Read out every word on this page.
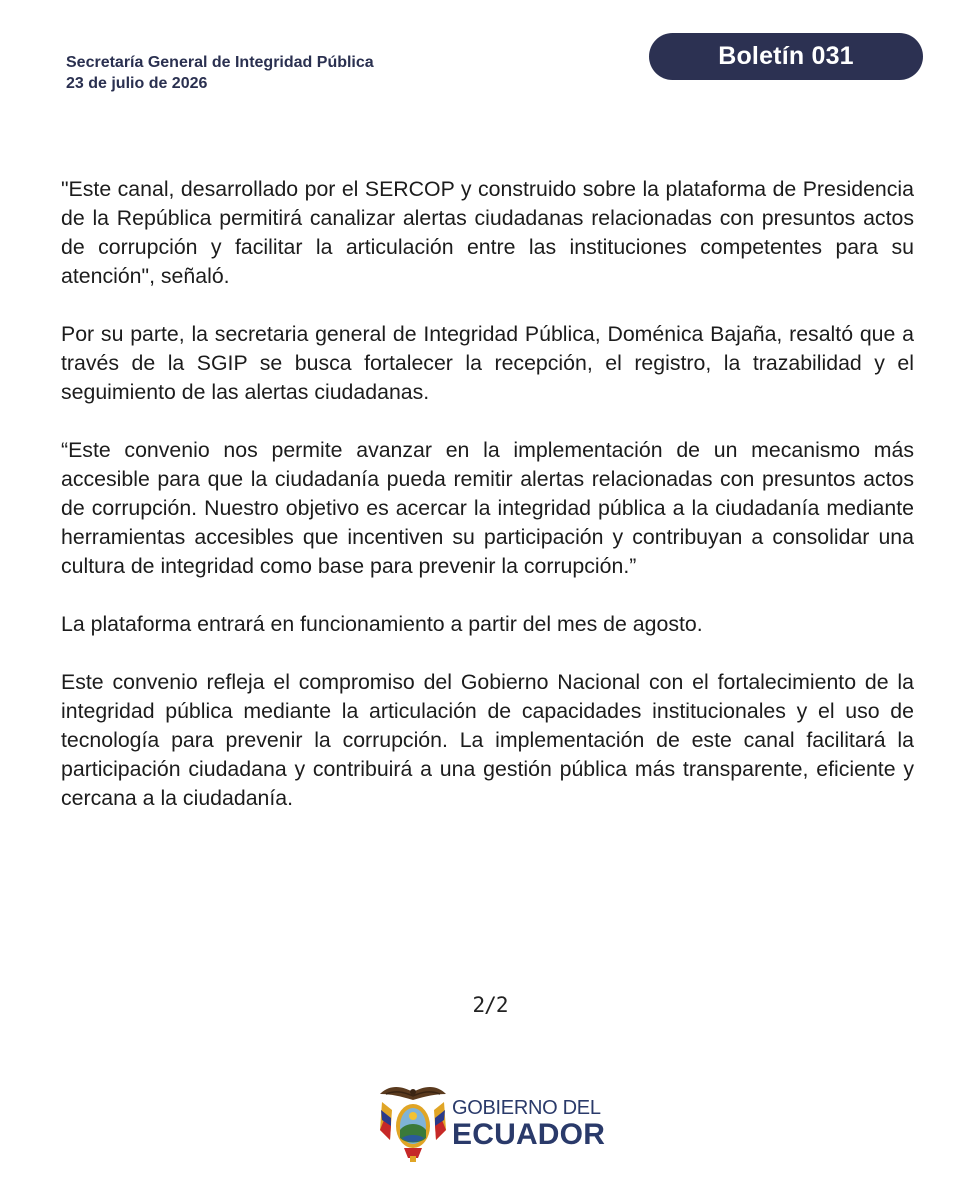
Secretaría General de Integridad Pública
23 de julio de 2026
Boletín 031

"Este canal, desarrollado por el SERCOP y construido sobre la plataforma de Presidencia de la República permitirá canalizar alertas ciudadanas relacionadas con presuntos actos de corrupción y facilitar la articulación entre las instituciones competentes para su atención", señaló.

Por su parte, la secretaria general de Integridad Pública, Doménica Bajaña, resaltó que a través de la SGIP se busca fortalecer la recepción, el registro, la trazabilidad y el seguimiento de las alertas ciudadanas.

“Este convenio nos permite avanzar en la implementación de un mecanismo más accesible para que la ciudadanía pueda remitir alertas relacionadas con presuntos actos de corrupción. Nuestro objetivo es acercar la integridad pública a la ciudadanía mediante herramientas accesibles que incentiven su participación y contribuyan a consolidar una cultura de integridad como base para prevenir la corrupción.”

La plataforma entrará en funcionamiento a partir del mes de agosto.

Este convenio refleja el compromiso del Gobierno Nacional con el fortalecimiento de la integridad pública mediante la articulación de capacidades institucionales y el uso de tecnología para prevenir la corrupción. La implementación de este canal facilitará la participación ciudadana y contribuirá a una gestión pública más transparente, eficiente y cercana a la ciudadanía.

2/2
GOBIERNO DEL
ECUADOR
